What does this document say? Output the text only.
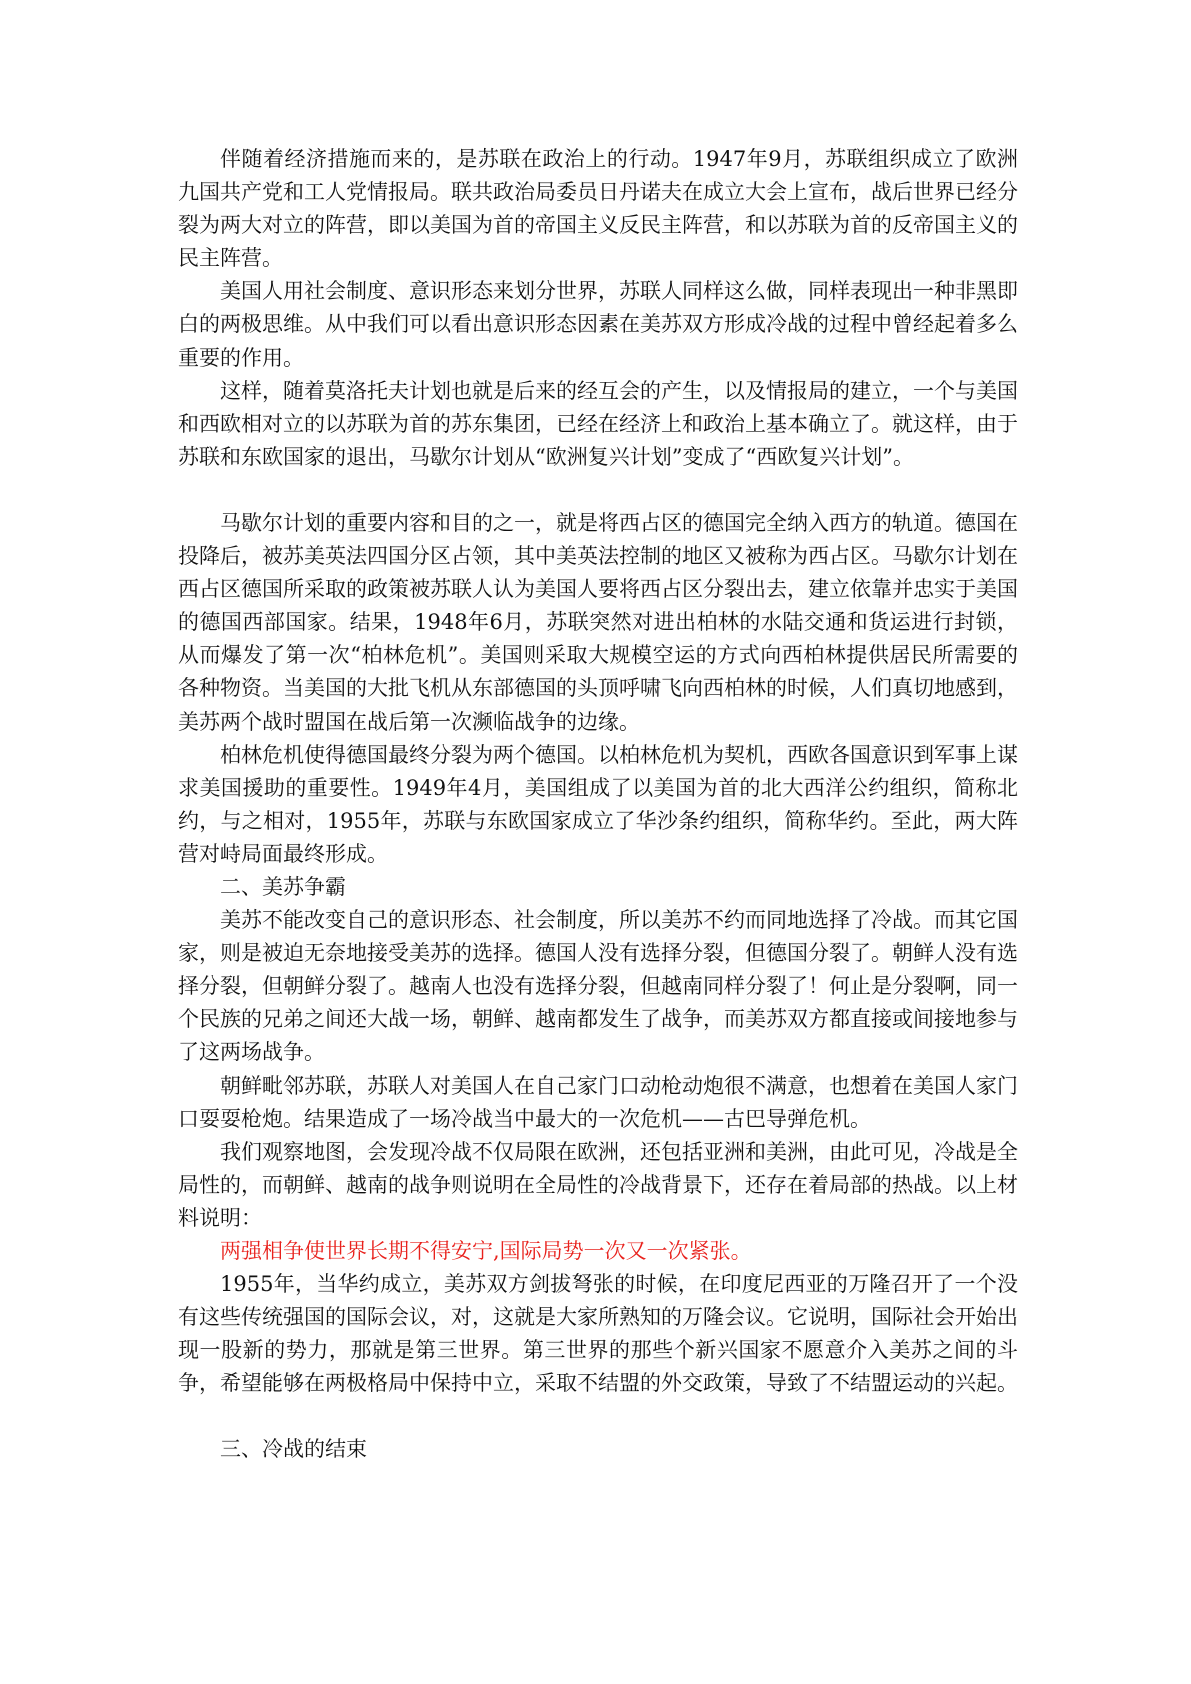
伴随着经济措施而来的，是苏联在政治上的行动。1947年9月，苏联组织成立了欧洲九国共产党和工人党情报局。联共政治局委员日丹诺夫在成立大会上宣布，战后世界已经分裂为两大对立的阵营，即以美国为首的帝国主义反民主阵营，和以苏联为首的反帝国主义的民主阵营。

美国人用社会制度、意识形态来划分世界，苏联人同样这么做，同样表现出一种非黑即白的两极思维。从中我们可以看出意识形态因素在美苏双方形成冷战的过程中曾经起着多么重要的作用。

这样，随着莫洛托夫计划也就是后来的经互会的产生，以及情报局的建立，一个与美国和西欧相对立的以苏联为首的苏东集团，已经在经济上和政治上基本确立了。就这样，由于苏联和东欧国家的退出，马歇尔计划从“欧洲复兴计划”变成了“西欧复兴计划”。

马歇尔计划的重要内容和目的之一，就是将西占区的德国完全纳入西方的轨道。德国在投降后，被苏美英法四国分区占领，其中美英法控制的地区又被称为西占区。马歇尔计划在西占区德国所采取的政策被苏联人认为美国人要将西占区分裂出去，建立依靠并忠实于美国的德国西部国家。结果，1948年6月，苏联突然对进出柏林的水陆交通和货运进行封锁，从而爆发了第一次“柏林危机”。美国则采取大规模空运的方式向西柏林提供居民所需要的各种物资。当美国的大批飞机从东部德国的头顶呼啸飞向西柏林的时候，人们真切地感到，美苏两个战时盟国在战后第一次濒临战争的边缘。

柏林危机使得德国最终分裂为两个德国。以柏林危机为契机，西欧各国意识到军事上谋求美国援助的重要性。1949年4月，美国组成了以美国为首的北大西洋公约组织，简称北约，与之相对，1955年，苏联与东欧国家成立了华沙条约组织，简称华约。至此，两大阵营对峙局面最终形成。

二、美苏争霸

美苏不能改变自己的意识形态、社会制度，所以美苏不约而同地选择了冷战。而其它国家，则是被迫无奈地接受美苏的选择。德国人没有选择分裂，但德国分裂了。朝鲜人没有选择分裂，但朝鲜分裂了。越南人也没有选择分裂，但越南同样分裂了！何止是分裂啊，同一个民族的兄弟之间还大战一场，朝鲜、越南都发生了战争，而美苏双方都直接或间接地参与了这两场战争。

朝鲜毗邻苏联，苏联人对美国人在自己家门口动枪动炮很不满意，也想着在美国人家门口耍耍枪炮。结果造成了一场冷战当中最大的一次危机——古巴导弹危机。

我们观察地图，会发现冷战不仅局限在欧洲，还包括亚洲和美洲，由此可见，冷战是全局性的，而朝鲜、越南的战争则说明在全局性的冷战背景下，还存在着局部的热战。以上材料说明：

两强相争使世界长期不得安宁,国际局势一次又一次紧张。

1955年，当华约成立，美苏双方剑拔弩张的时候，在印度尼西亚的万隆召开了一个没有这些传统强国的国际会议，对，这就是大家所熟知的万隆会议。它说明，国际社会开始出现一股新的势力，那就是第三世界。第三世界的那些个新兴国家不愿意介入美苏之间的斗争，希望能够在两极格局中保持中立，采取不结盟的外交政策，导致了不结盟运动的兴起。

三、冷战的结束
